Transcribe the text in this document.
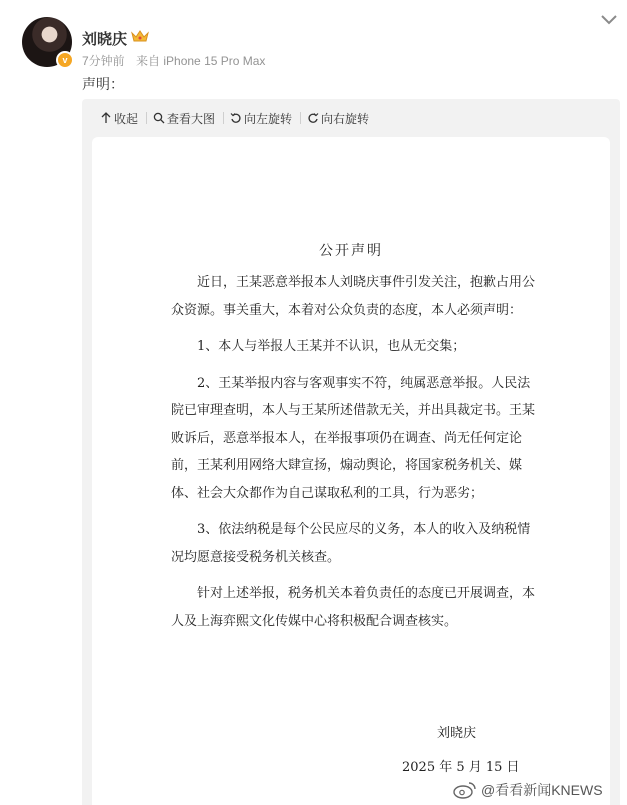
v
刘晓庆
7分钟前 来自 iPhone 15 Pro Max
声明：
收起 查看大图 向左旋转 向右旋转
公开声明

近日，王某恶意举报本人刘晓庆事件引发关注，抱歉占用公众资源。事关重大，本着对公众负责的态度，本人必须声明：

1、本人与举报人王某并不认识，也从无交集；

2、王某举报内容与客观事实不符，纯属恶意举报。人民法院已审理查明，本人与王某所述借款无关，并出具裁定书。王某败诉后，恶意举报本人，在举报事项仍在调查、尚无任何定论前，王某利用网络大肆宣扬，煽动舆论，将国家税务机关、媒体、社会大众都作为自己谋取私利的工具，行为恶劣；

3、依法纳税是每个公民应尽的义务，本人的收入及纳税情况均愿意接受税务机关核查。

针对上述举报，税务机关本着负责任的态度已开展调查，本人及上海弈熙文化传媒中心将积极配合调查核实。

刘晓庆
2025 年 5 月 15 日
@看看新闻KNEWS
